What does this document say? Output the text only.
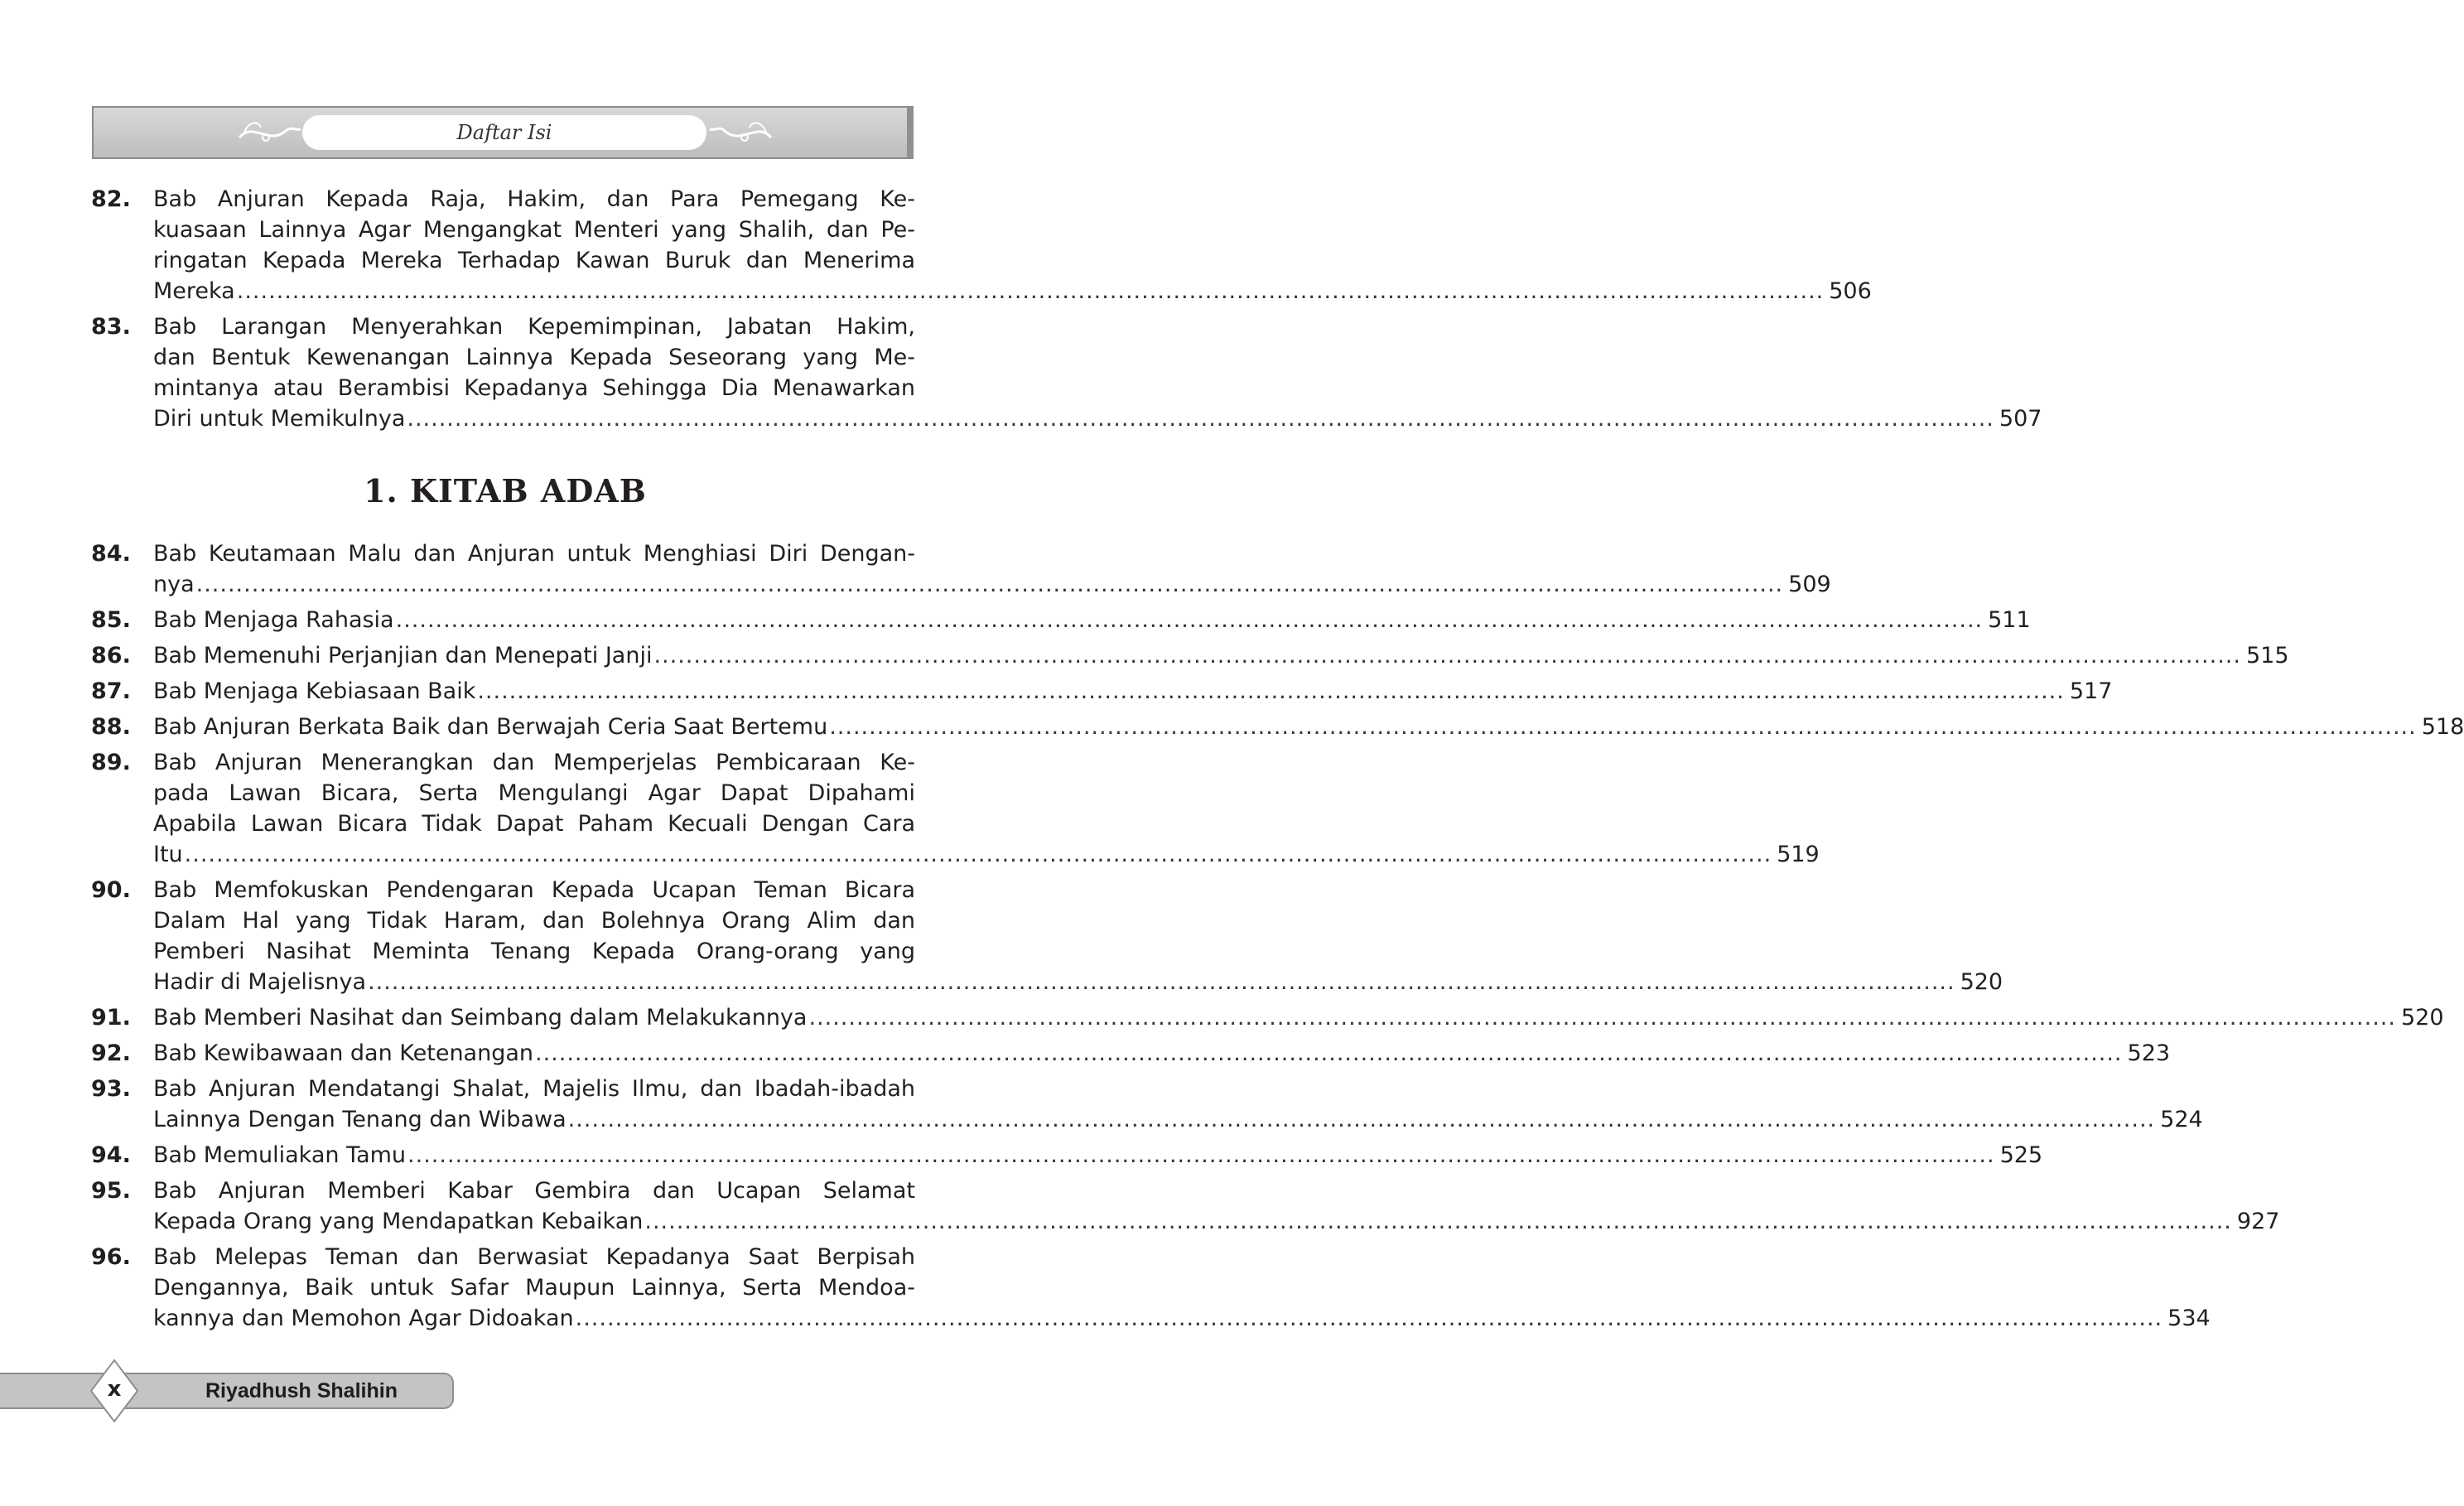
Daftar Isi
82. Bab Anjuran Kepada Raja, Hakim, dan Para Pemegang Ke-
kuasaan Lainnya Agar Mengangkat Menteri yang Shalih, dan Pe-
ringatan Kepada Mereka Terhadap Kawan Buruk dan Menerima
Mereka ........................................................................................................................................................................................................ 506
83. Bab Larangan Menyerahkan Kepemimpinan, Jabatan Hakim,
dan Bentuk Kewenangan Lainnya Kepada Seseorang yang Me-
mintanya atau Berambisi Kepadanya Sehingga Dia Menawarkan
Diri untuk Memikulnya ........................................................................................................................................................................................................ 507
1. KITAB ADAB
84. Bab Keutamaan Malu dan Anjuran untuk Menghiasi Diri Dengan-
nya ........................................................................................................................................................................................................ 509
85. Bab Menjaga Rahasia ........................................................................................................................................................................................................ 511
86. Bab Memenuhi Perjanjian dan Menepati Janji ........................................................................................................................................................................................................ 515
87. Bab Menjaga Kebiasaan Baik ........................................................................................................................................................................................................ 517
88. Bab Anjuran Berkata Baik dan Berwajah Ceria Saat Bertemu ........................................................................................................................................................................................................ 518
89. Bab Anjuran Menerangkan dan Memperjelas Pembicaraan Ke-
pada Lawan Bicara, Serta Mengulangi Agar Dapat Dipahami
Apabila Lawan Bicara Tidak Dapat Paham Kecuali Dengan Cara
Itu ........................................................................................................................................................................................................ 519
90. Bab Memfokuskan Pendengaran Kepada Ucapan Teman Bicara
Dalam Hal yang Tidak Haram, dan Bolehnya Orang Alim dan
Pemberi Nasihat Meminta Tenang Kepada Orang-orang yang
Hadir di Majelisnya ........................................................................................................................................................................................................ 520
91. Bab Memberi Nasihat dan Seimbang dalam Melakukannya ........................................................................................................................................................................................................ 520
92. Bab Kewibawaan dan Ketenangan ........................................................................................................................................................................................................ 523
93. Bab Anjuran Mendatangi Shalat, Majelis Ilmu, dan Ibadah-ibadah
Lainnya Dengan Tenang dan Wibawa ........................................................................................................................................................................................................ 524
94. Bab Memuliakan Tamu ........................................................................................................................................................................................................ 525
95. Bab Anjuran Memberi Kabar Gembira dan Ucapan Selamat
Kepada Orang yang Mendapatkan Kebaikan ........................................................................................................................................................................................................ 927
96. Bab Melepas Teman dan Berwasiat Kepadanya Saat Berpisah
Dengannya, Baik untuk Safar Maupun Lainnya, Serta Mendoa-
kannya dan Memohon Agar Didoakan ........................................................................................................................................................................................................ 534
x	Riyadhush Shalihin
